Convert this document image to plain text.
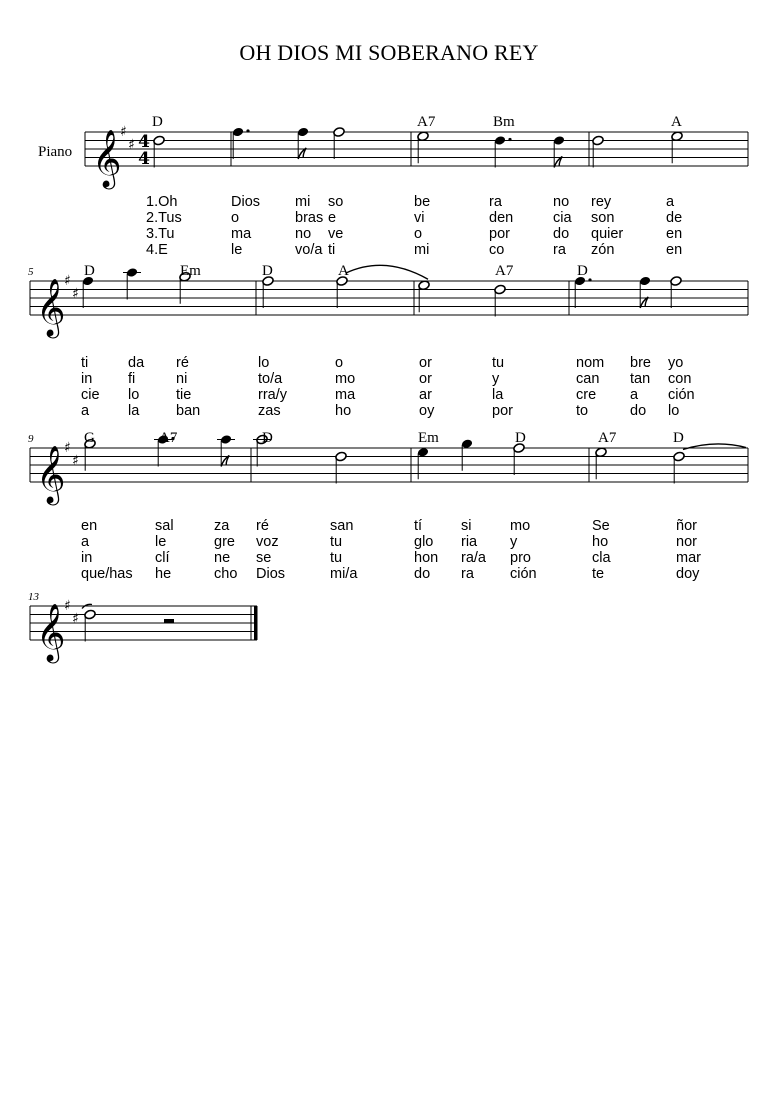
OH DIOS MI SOBERANO REY
Piano 𝄞
♯
♯ 4
4
D	A7	Bm	A
1.Oh	Dios mi so	be	ra	no rey	a
2.Tus	o	bras e	vi	den	cia son	de
3.Tu	ma	no ve	o	por	do quier	en
4.E	le	vo/a ti	mi	co	ra zón	en
𝄞
♯
♯
5	D	Em	D	A	A7	D
ti	da ré	lo	o	or	tu	nom bre yo
in fi	ni	to/a	mo	or	y	can tan con
cie lo	tie	rra/y	ma	ar	la	cre a ción
a	la	ban	zas	ho	oy	por	to	do lo
𝄞
♯
♯
9	G	A7	D	Em	D	A7	D
en	sal	za ré	san	tí	si	mo	Se	ñor
a	le	gre voz	tu	glo ria y	ho	nor
in	clí	ne se	tu	hon ra/a pro	cla	mar
que/has he	cho Dios	mi/a	do ra ción	te	doy
𝄞
♯
♯
13
